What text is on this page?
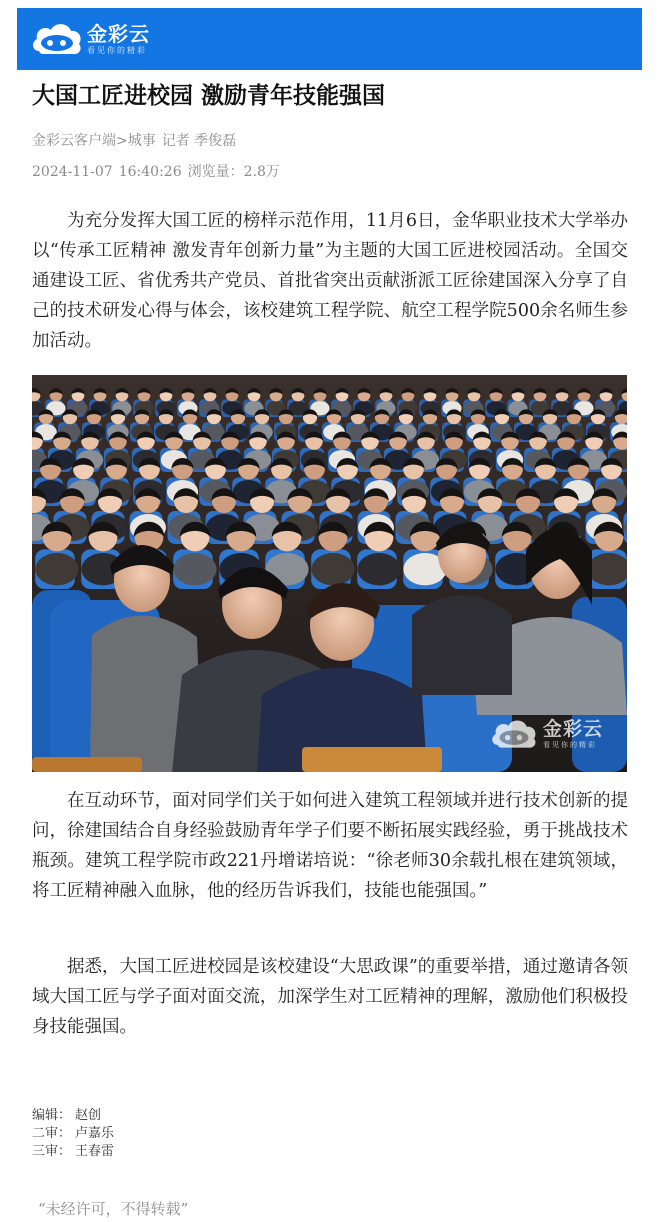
金彩云
看见你的精彩
大国工匠进校园 激励青年技能强国
金彩云客户端>城事 记者 季俊磊
2024-11-07 16:40:26 浏览量：2.8万

为充分发挥大国工匠的榜样示范作用，11月6日，金华职业技术大学举办以“传承工匠精神 激发青年创新力量”为主题的大国工匠进校园活动。全国交通建设工匠、省优秀共产党员、首批省突出贡献浙派工匠徐建国深入分享了自己的技术研发心得与体会，该校建筑工程学院、航空工程学院500余名师生参加活动。

金彩云
看见你的精彩

在互动环节，面对同学们关于如何进入建筑工程领域并进行技术创新的提问，徐建国结合自身经验鼓励青年学子们要不断拓展实践经验，勇于挑战技术瓶颈。建筑工程学院市政221丹增诺培说：“徐老师30余载扎根在建筑领域，将工匠精神融入血脉，他的经历告诉我们，技能也能强国。”

据悉，大国工匠进校园是该校建设“大思政课”的重要举措，通过邀请各领域大国工匠与学子面对面交流，加深学生对工匠精神的理解，激励他们积极投身技能强国。

编辑： 赵创
二审： 卢嘉乐
三审： 王春雷
“未经许可，不得转载”
